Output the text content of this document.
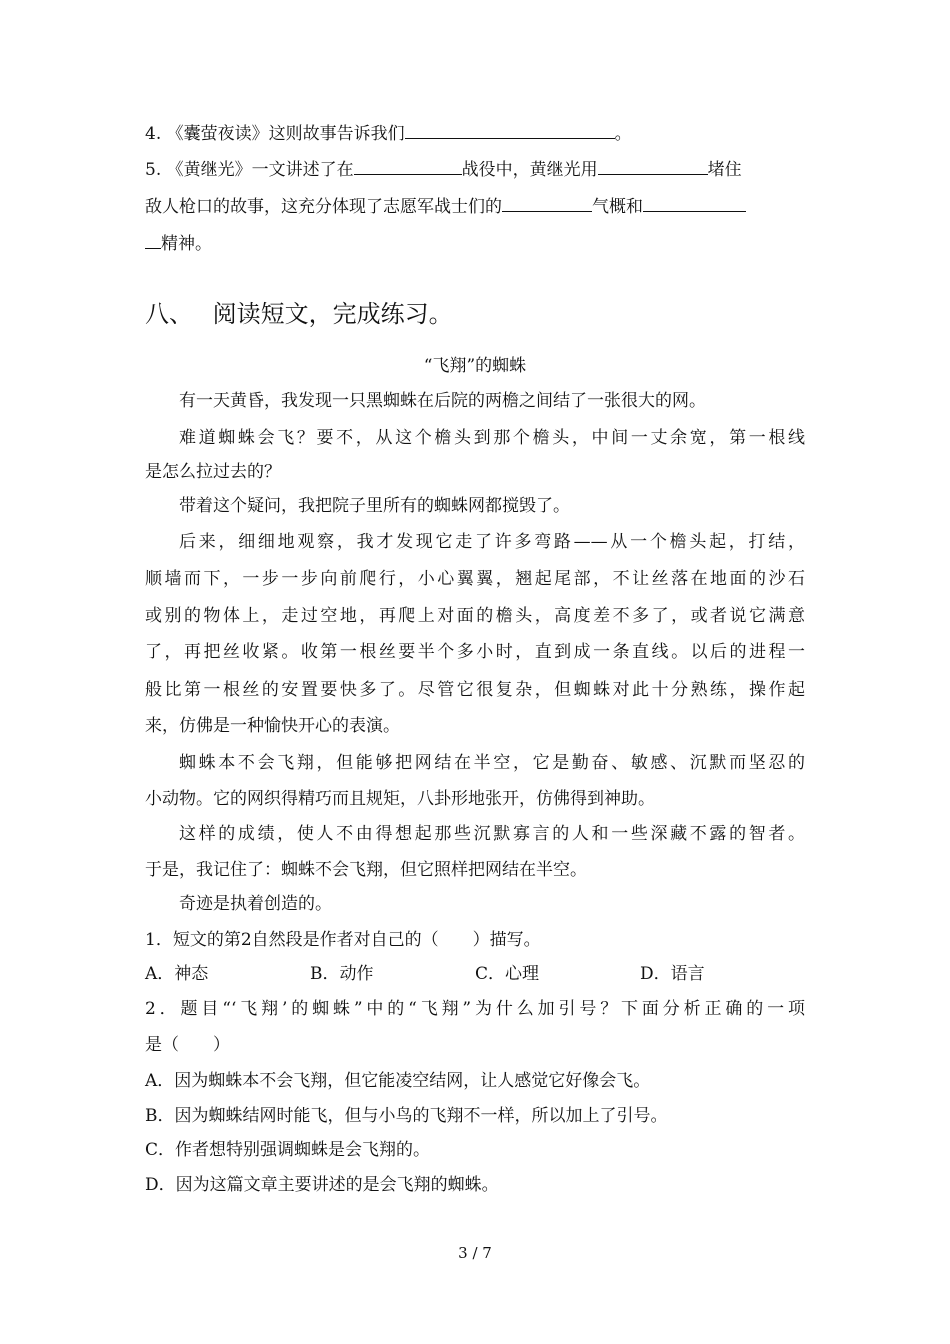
4. 《囊萤夜读》这则故事告诉我们	。
5. 《黄继光》一文讲述了在	战役中，黄继光用	堵住
敌人枪口的故事，这充分体现了志愿军战士们的	气概和
精神。
八、 阅读短文，完成练习。
“飞翔”的蜘蛛
有一天黄昏，我发现一只黑蜘蛛在后院的两檐之间结了一张很大的网。
难道蜘蛛会飞？要不，从这个檐头到那个檐头，中间一丈余宽，第一根线
是怎么拉过去的？
带着这个疑问，我把院子里所有的蜘蛛网都搅毁了。
后来，细细地观察，我才发现它走了许多弯路——从一个檐头起，打结，
顺墙而下，一步一步向前爬行，小心翼翼，翘起尾部，不让丝落在地面的沙石
或别的物体上，走过空地，再爬上对面的檐头，高度差不多了，或者说它满意
了，再把丝收紧。收第一根丝要半个多小时，直到成一条直线。以后的进程一
般比第一根丝的安置要快多了。尽管它很复杂，但蜘蛛对此十分熟练，操作起
来，仿佛是一种愉快开心的表演。
蜘蛛本不会飞翔，但能够把网结在半空，它是勤奋、敏感、沉默而坚忍的
小动物。它的网织得精巧而且规矩，八卦形地张开，仿佛得到神助。
这样的成绩，使人不由得想起那些沉默寡言的人和一些深藏不露的智者。
于是，我记住了：蜘蛛不会飞翔，但它照样把网结在半空。
奇迹是执着创造的。
1．短文的第2自然段是作者对自己的（　　）描写。
A．神态	B．动作	C．心理	D．语言
2．题目“‘飞翔’的蜘蛛”中的“飞翔”为什么加引号？下面分析正确的一项
是（　　）
A．因为蜘蛛本不会飞翔，但它能凌空结网，让人感觉它好像会飞。
B．因为蜘蛛结网时能飞，但与小鸟的飞翔不一样，所以加上了引号。
C．作者想特别强调蜘蛛是会飞翔的。
D．因为这篇文章主要讲述的是会飞翔的蜘蛛。
3 / 7
